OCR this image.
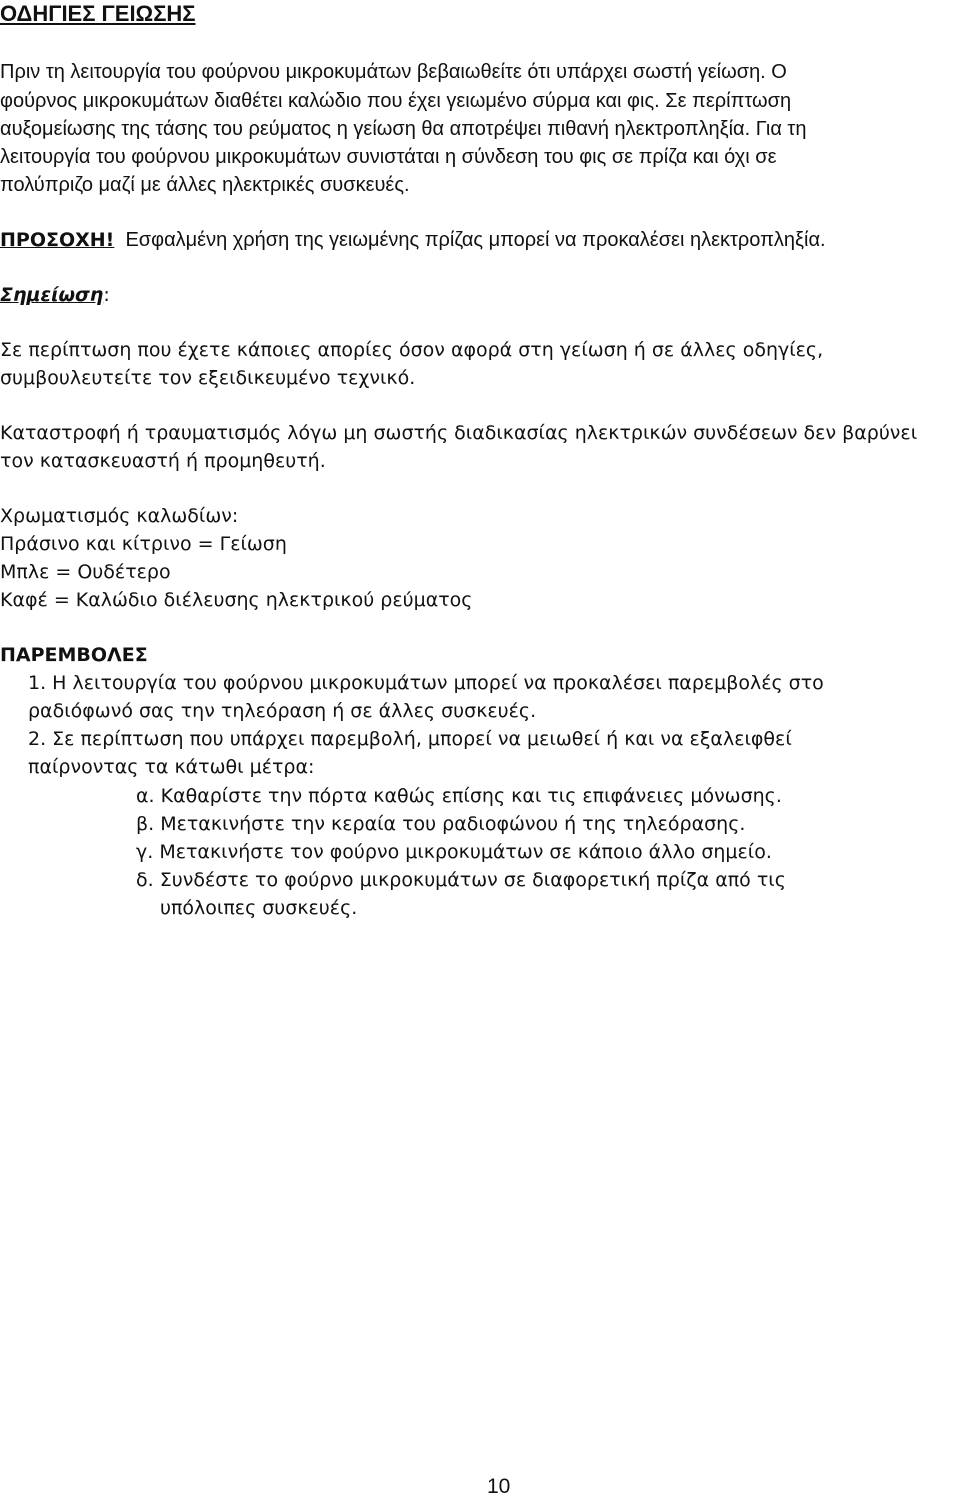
ΟΔΗΓΙΕΣ ΓΕΙΩΣΗΣ

Πριν τη λειτουργία του φούρνου μικροκυμάτων βεβαιωθείτε ότι υπάρχει σωστή γείωση. Ο

φούρνος μικροκυμάτων διαθέτει καλώδιο που έχει γειωμένο σύρμα και φις. Σε περίπτωση

αυξομείωσης της τάσης του ρεύματος η γείωση θα αποτρέψει πιθανή ηλεκτροπληξία. Για τη

λειτουργία του φούρνου μικροκυμάτων συνιστάται η σύνδεση του φις σε πρίζα και όχι σε

πολύπριζο μαζί με άλλες ηλεκτρικές συσκευές.

ΠΡΟΣΟΧΗ!  Εσφαλμένη χρήση της γειωμένης πρίζας μπορεί να προκαλέσει ηλεκτροπληξία.

Σημείωση:

Σε περίπτωση που έχετε κάποιες απορίες όσον αφορά στη γείωση ή σε άλλες οδηγίες,

συμβουλευτείτε τον εξειδικευμένο τεχνικό.

Καταστροφή ή τραυματισμός λόγω μη σωστής διαδικασίας ηλεκτρικών συνδέσεων δεν βαρύνει

τον κατασκευαστή ή προμηθευτή.

Χρωματισμός καλωδίων:

Πράσινο και κίτρινο = Γείωση

Μπλε = Ουδέτερο

Καφέ = Καλώδιο διέλευσης ηλεκτρικού ρεύματος

ΠΑΡΕΜΒΟΛΕΣ

1. Η λειτουργία του φούρνου μικροκυμάτων μπορεί να προκαλέσει παρεμβολές στο

ραδιόφωνό σας την τηλεόραση ή σε άλλες συσκευές.

2. Σε περίπτωση που υπάρχει παρεμβολή, μπορεί να μειωθεί ή και να εξαλειφθεί

παίρνοντας τα κάτωθι μέτρα:

α. Καθαρίστε την πόρτα καθώς επίσης και τις επιφάνειες μόνωσης.

β. Μετακινήστε την κεραία του ραδιοφώνου ή της τηλεόρασης.

γ. Μετακινήστε τον φούρνο μικροκυμάτων σε κάποιο άλλο σημείο.

δ. Συνδέστε το φούρνο μικροκυμάτων σε διαφορετική πρίζα από τις

υπόλοιπες συσκευές.

10
